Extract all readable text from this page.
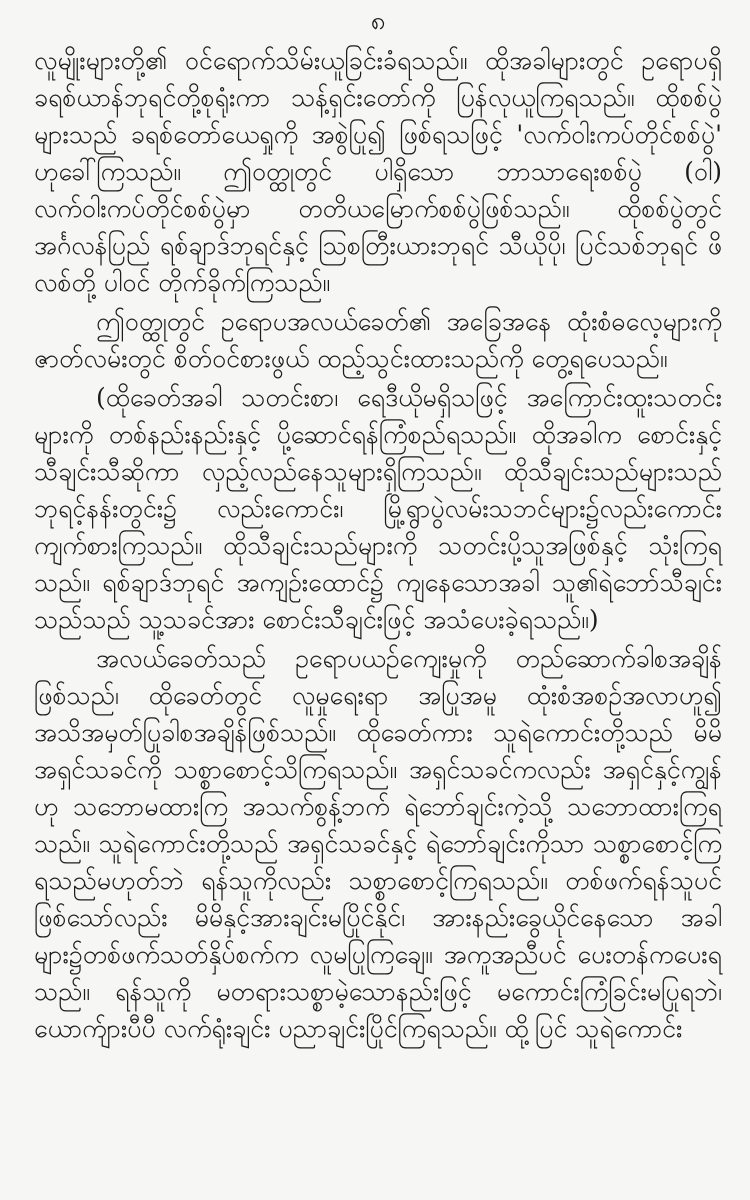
၈

လူမျိုးများတို့၏ ဝင်ရောက်သိမ်းယူခြင်းခံရသည်။ ထိုအခါများတွင် ဥရောပရှိ ခရစ်ယာန်ဘုရင်တို့စုရုံးကာ သန့်ရှင်းတော်ကို ပြန်လုယူကြရသည်။ ထိုစစ်ပွဲများသည် ခရစ်တော်ယေရှုကို အစွဲပြု၍ ဖြစ်ရသဖြင့် 'လက်ဝါးကပ်တိုင်စစ်ပွဲ' ဟုခေါ်ကြသည်။ ဤဝတ္ထုတွင် ပါရှိသော ဘာသာရေးစစ်ပွဲ (ဝါ) လက်ဝါးကပ်တိုင်စစ်ပွဲမှာ တတိယမြောက်စစ်ပွဲဖြစ်သည်။ ထိုစစ်ပွဲတွင် အင်္ဂလန်ပြည် ရစ်ချာဒ်ဘုရင်နှင့် သြစတြီးယားဘုရင် သီယိုပို၊ ပြင်သစ်ဘုရင် ဖိလစ်တို့ ပါဝင် တိုက်ခိုက်ကြသည်။

ဤဝတ္ထုတွင် ဥရောပအလယ်ခေတ်၏ အခြေအနေ ထုံးစံဓလေ့များကို ဇာတ်လမ်းတွင် စိတ်ဝင်စားဖွယ် ထည့်သွင်းထားသည်ကို တွေ့ရပေသည်။

(ထိုခေတ်အခါ သတင်းစာ၊ ရေဒီယိုမရှိသဖြင့် အကြောင်းထူးသတင်းများကို တစ်နည်းနည်းနှင့် ပို့ဆောင်ရန်ကြံစည်ရသည်။ ထိုအခါက စောင်းနှင့် သီချင်းသီဆိုကာ လှည့်လည်နေသူများရှိကြသည်။ ထိုသီချင်းသည်များသည် ဘုရင့်နန်းတွင်း၌ လည်းကောင်း၊ မြို့ရွာပွဲလမ်းသဘင်များ၌လည်းကောင်း ကျက်စားကြသည်။ ထိုသီချင်းသည်များကို သတင်းပို့သူအဖြစ်နှင့် သုံးကြရသည်။ ရစ်ချာဒ်ဘုရင် အကျဉ်းထောင်၌ ကျနေသောအခါ သူ၏ရဲဘော်သီချင်းသည်သည် သူ့သခင်အား စောင်းသီချင်းဖြင့် အသံပေးခဲ့ရသည်။)

အလယ်ခေတ်သည် ဥရောပယဉ်ကျေးမှုကို တည်ဆောက်ခါစအချိန်ဖြစ်သည်၊ ထိုခေတ်တွင် လူမှုရေးရာ အပြုအမူ ထုံးစံအစဉ်အလာဟူ၍ အသိအမှတ်ပြုခါစအချိန်ဖြစ်သည်။ ထိုခေတ်ကား သူရဲကောင်းတို့သည် မိမိအရှင်သခင်ကို သစ္စာစောင့်သိကြရသည်။ အရှင်သခင်ကလည်း အရှင်နှင့်ကျွန်ဟု သဘောမထားကြ အသက်စွန့်ဘက် ရဲဘော်ချင်းကဲ့သို့ သဘောထားကြရသည်။ သူရဲကောင်းတို့သည် အရှင်သခင်နှင့် ရဲဘော်ချင်းကိုသာ သစ္စာစောင့်ကြရသည်မဟုတ်ဘဲ ရန်သူကိုလည်း သစ္စာစောင့်ကြရသည်။ တစ်ဖက်ရန်သူပင်ဖြစ်သော်လည်း မိမိနှင့်အားချင်းမပြိုင်နိုင်၊ အားနည်းခွေယိုင်နေသော အခါများ၌တစ်ဖက်သတ်နှိပ်စက်က လူမပြုကြချေ။ အကူအညီပင် ပေးတန်ကပေးရသည်။ ရန်သူကို မတရားသစ္စာမဲ့သောနည်းဖြင့် မကောင်းကြံခြင်းမပြုရဘဲ၊ ယောက်ျားပီပီ လက်ရုံးချင်း ပညာချင်းပြိုင်ကြရသည်။ ထို့ပြင် သူရဲကောင်း
